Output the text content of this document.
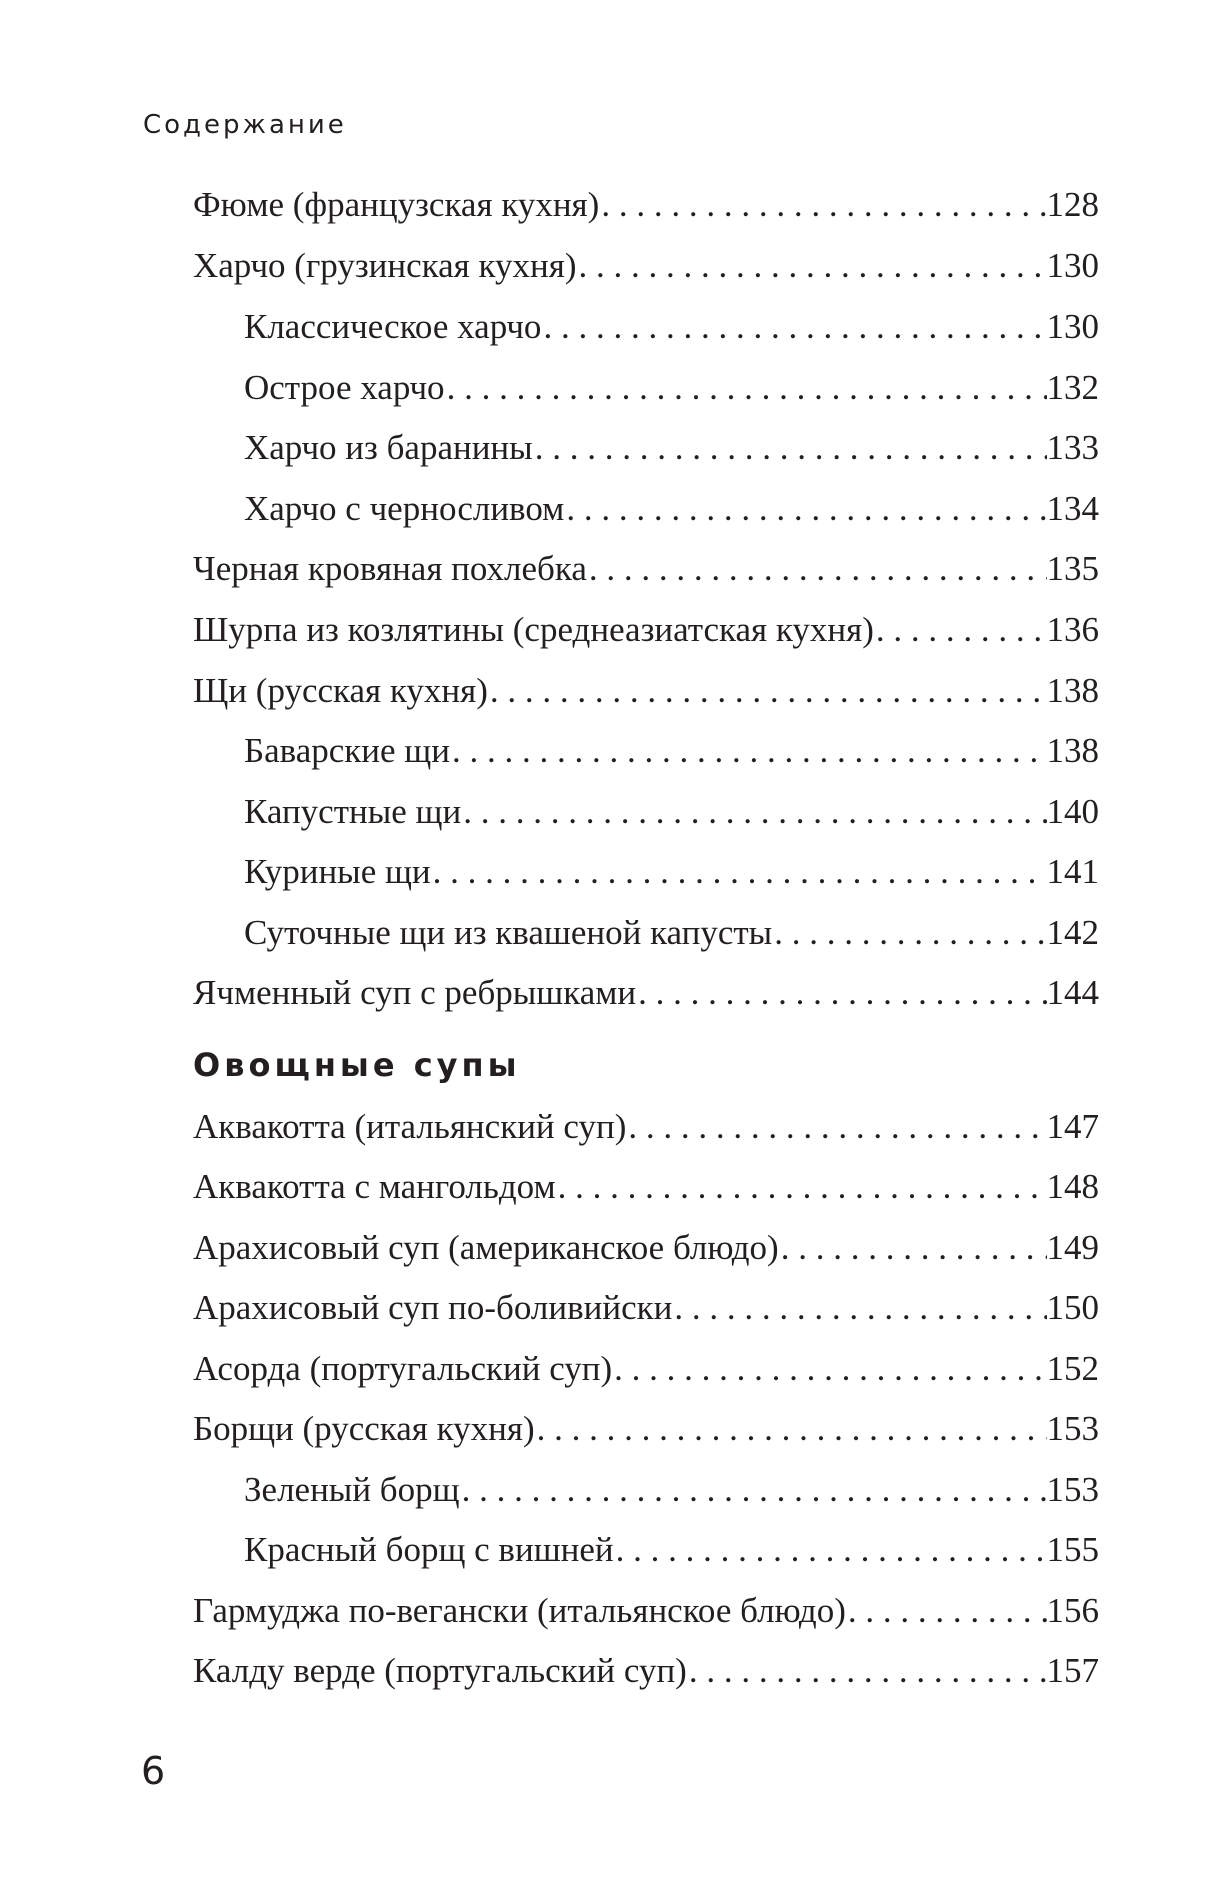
Содержание
Фюме (французская кухня) . . .	128
Харчо (грузинская кухня) . . .	130
Классическое харчо . . .	130
Острое харчо . . .	132
Харчо из баранины . . .	133
Харчо с черносливом . . .	134
Черная кровяная похлебка . . .	135
Шурпа из козлятины (среднеазиатская кухня) . . .	136
Щи (русская кухня) . . .	138
Баварские щи . . .	138
Капустные щи . . .	140
Куриные щи . . .	141
Суточные щи из квашеной капусты . . .	142
Ячменный суп с ребрышками . . .	144
Овощные супы
Аквакотта (итальянский суп) . . .	147
Аквакотта с мангольдом . . .	148
Арахисовый суп (американское блюдо) . . .	149
Арахисовый суп по-боливийски . . .	150
Асорда (португальский суп) . . .	152
Борщи (русская кухня) . . .	153
Зеленый борщ . . .	153
Красный борщ с вишней . . .	155
Гармуджа по-вегански (итальянское блюдо) . . .	156
Калду верде (португальский суп) . . .	157
6
